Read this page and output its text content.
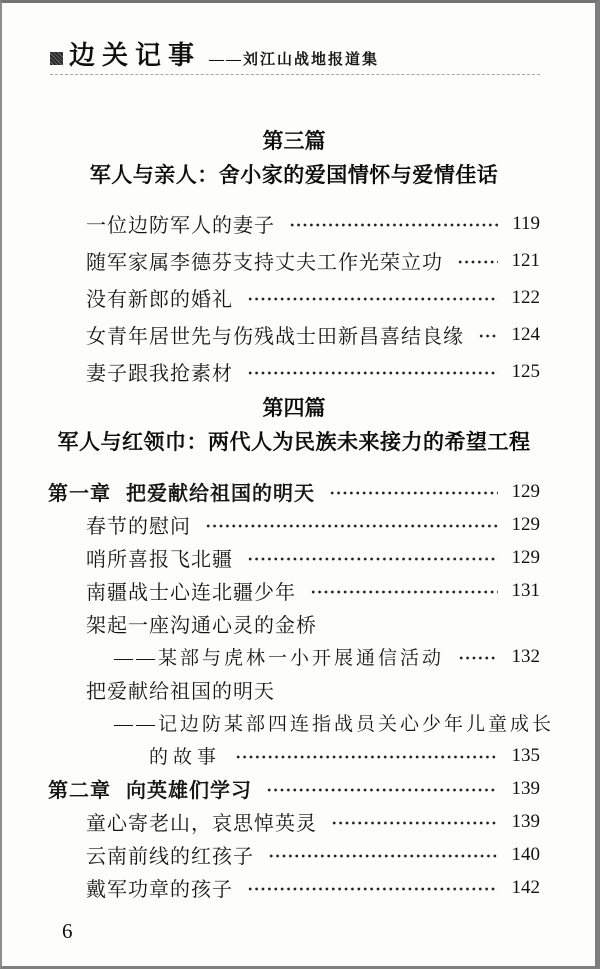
边关记事 ——刘江山战地报道集
第三篇
军人与亲人：舍小家的爱国情怀与爱情佳话
一位边防军人的妻子	119
随军家属李德芬支持丈夫工作光荣立功	121
没有新郎的婚礼	122
女青年居世先与伤残战士田新昌喜结良缘	124
妻子跟我抢素材	125
第四篇
军人与红领巾：两代人为民族未来接力的希望工程
第一章 把爱献给祖国的明天	129
春节的慰问	129
哨所喜报飞北疆	129
南疆战士心连北疆少年	131
架起一座沟通心灵的金桥
——某部与虎林一小开展通信活动	132
把爱献给祖国的明天
——记边防某部四连指战员关心少年儿童成长
的故事	135
第二章 向英雄们学习	139
童心寄老山，哀思悼英灵	139
云南前线的红孩子	140
戴军功章的孩子	142
6
